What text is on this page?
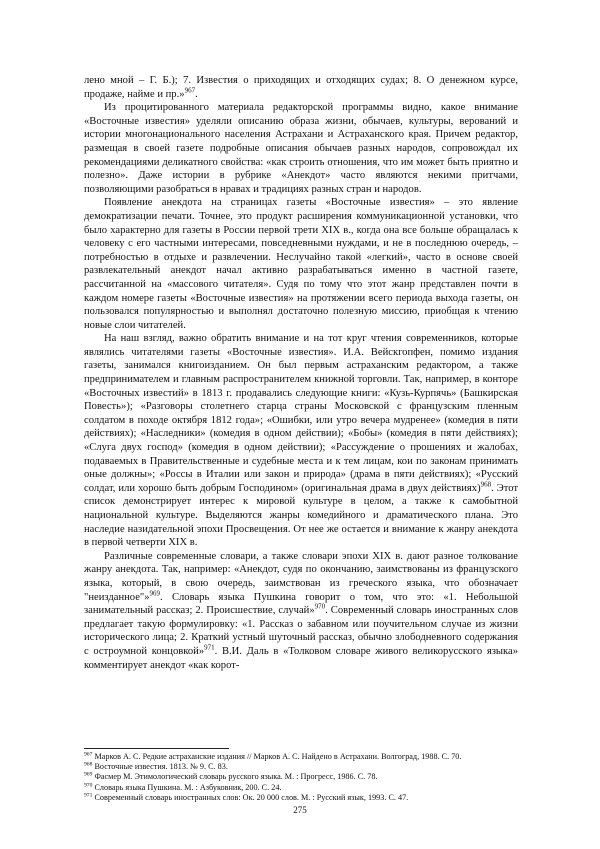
лено мной – Г. Б.); 7. Известия о приходящих и отходящих судах; 8. О денежном курсе, продаже, найме и пр.»$^{967}$.

Из процитированного материала редакторской программы видно, какое внимание «Восточные известия» уделяли описанию образа жизни, обычаев, культуры, верований и истории многонационального населения Астрахани и Астраханского края. Причем редактор, размещая в своей газете подробные описания обычаев разных народов, сопровождал их рекомендациями деликатного свойства: «как строить отношения, что им может быть приятно и полезно». Даже истории в рубрике «Анекдот» часто являются некими притчами, позволяющими разобраться в нравах и традициях разных стран и народов.

Появление анекдота на страницах газеты «Восточные известия» – это явление демократизации печати. Точнее, это продукт расширения коммуникационной установки, что было характерно для газеты в России первой трети XIX в., когда она все больше обращалась к человеку с его частными интересами, повседневными нуждами, и не в последнюю очередь, – потребностью в отдыхе и развлечении. Неслучайно такой «легкий», часто в основе своей развлекательный анекдот начал активно разрабатываться именно в частной газете, рассчитанной на «массового читателя». Судя по тому что этот жанр представлен почти в каждом номере газеты «Восточные известия» на протяжении всего периода выхода газеты, он пользовался популярностью и выполнял достаточно полезную миссию, приобщая к чтению новые слои читателей.

На наш взгляд, важно обратить внимание и на тот круг чтения современников, которые являлись читателями газеты «Восточные известия». И.А. Вейскгопфен, помимо издания газеты, занимался книгоизданием. Он был первым астраханским редактором, а также предпринимателем и главным распространителем книжной торговли. Так, например, в конторе «Восточных известий» в 1813 г. продавались следующие книги: «Кузь-Курпячь» (Башкирская Повесть»); «Разговоры столетнего старца страны Московской с французским пленным солдатом в походе октября 1812 года»; «Ошибки, или утро вечера мудренее» (комедия в пяти действиях); «Наследники» (комедия в одном действии); «Бобы» (комедия в пяти действиях); «Слуга двух господ» (комедия в одном действии); «Рассуждение о прошениях и жалобах, подаваемых в Правительственные и судебные места и к тем лицам, кои по законам принимать оные должны»; «Россы в Италии или закон и природа» (драма в пяти действиях); «Русский солдат, или хорошо быть добрым Господином» (оригинальная драма в двух действиях)$^{968}$. Этот список демонстрирует интерес к мировой культуре в целом, а также к самобытной национальной культуре. Выделяются жанры комедийного и драматического плана. Это наследие назидательной эпохи Просвещения. От нее же остается и внимание к жанру анекдота в первой четверти XIX в.

Различные современные словари, а также словари эпохи XIX в. дают разное толкование жанру анекдота. Так, например: «Анекдот, судя по окончанию, заимствованы из французского языка, который, в свою очередь, заимствован из греческого языка, что обозначает "неизданное"»$^{969}$. Словарь языка Пушкина говорит о том, что это: «1. Небольшой занимательный рассказ; 2. Происшествие, случай»$^{970}$. Современный словарь иностранных слов предлагает такую формулировку: «1. Рассказ о забавном или поучительном случае из жизни исторического лица; 2. Краткий устный шуточный рассказ, обычно злободневного содержания с остроумной концовкой»$^{971}$. В.И. Даль в «Толковом словаре живого великорусского языка» комментирует анекдот «как корот-

$^{967}$ Марков А. С. Редкие астраханские издания // Марков А. С. Найдено в Астрахани. Волгоград, 1988. С. 70.
$^{968}$ Восточные известия. 1813. № 9. С. 83.
$^{969}$ Фасмер М. Этимологический словарь русского языка. М. : Прогресс, 1986. С. 78.
$^{970}$ Словарь языка Пушкина. М. : Азбуковник, 200. С. 24.
$^{971}$ Современный словарь иностранных слов: Ок. 20 000 слов. М. : Русский язык, 1993. С. 47.
275
